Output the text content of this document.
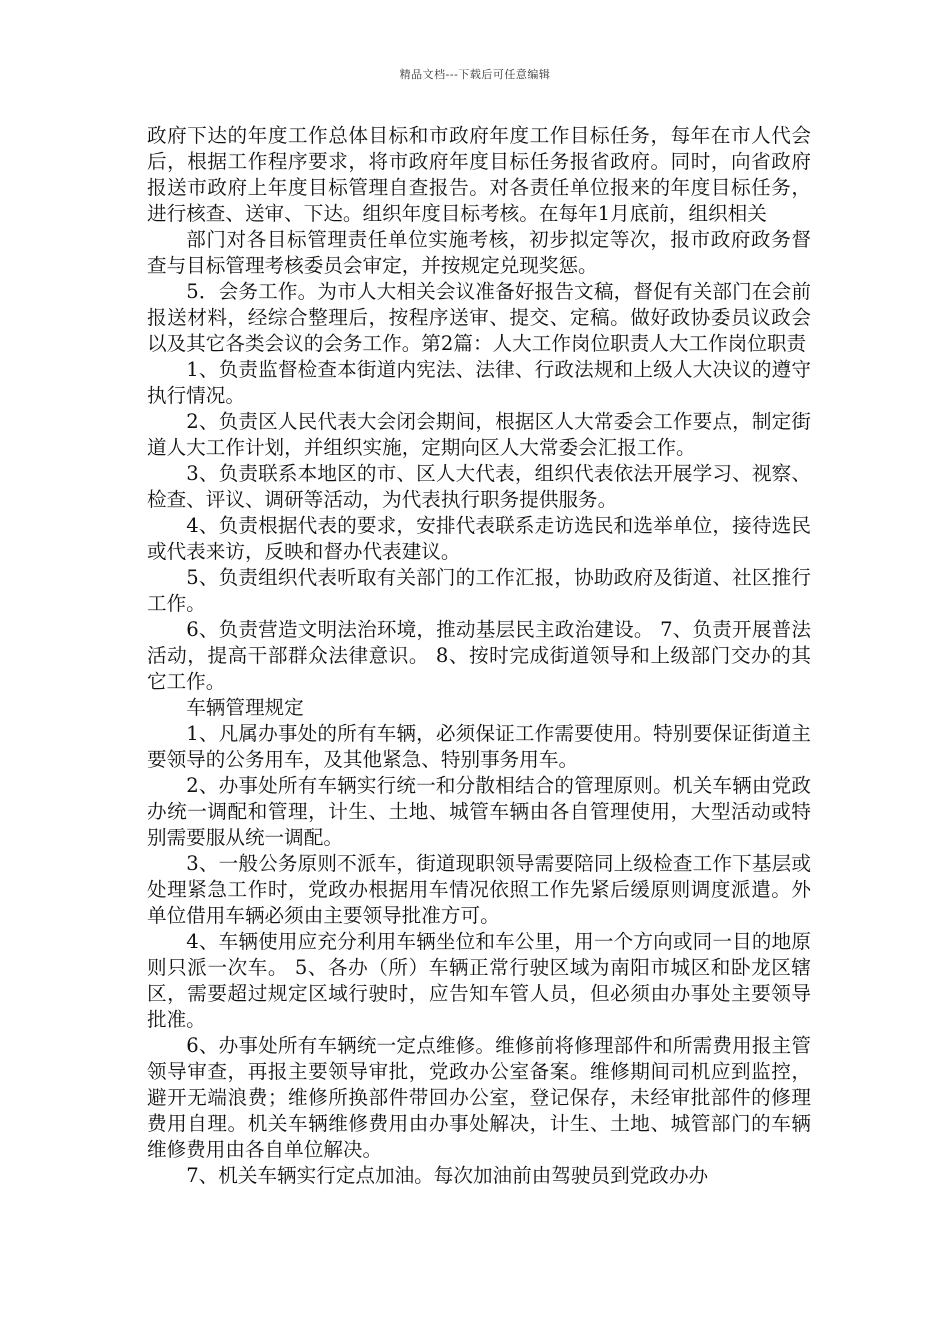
精品文档---下载后可任意编辑

政府下达的年度工作总体目标和市政府年度工作目标任务，每年在市人代会后，根据工作程序要求，将市政府年度目标任务报省政府。同时，向省政府报送市政府上年度目标管理自查报告。对各责任单位报来的年度目标任务，进行核查、送审、下达。组织年度目标考核。在每年1月底前，组织相关

部门对各目标管理责任单位实施考核，初步拟定等次，报市政府政务督查与目标管理考核委员会审定，并按规定兑现奖惩。

5．会务工作。为市人大相关会议准备好报告文稿，督促有关部门在会前报送材料，经综合整理后，按程序送审、提交、定稿。做好政协委员议政会以及其它各类会议的会务工作。第2篇：人大工作岗位职责人大工作岗位职责

1、负责监督检查本街道内宪法、法律、行政法规和上级人大决议的遵守执行情况。

2、负责区人民代表大会闭会期间，根据区人大常委会工作要点，制定街道人大工作计划，并组织实施，定期向区人大常委会汇报工作。

3、负责联系本地区的市、区人大代表，组织代表依法开展学习、视察、检查、评议、调研等活动，为代表执行职务提供服务。

4、负责根据代表的要求，安排代表联系走访选民和选举单位，接待选民或代表来访，反映和督办代表建议。

5、负责组织代表听取有关部门的工作汇报，协助政府及街道、社区推行工作。

6、负责营造文明法治环境，推动基层民主政治建设。 7、负责开展普法活动，提高干部群众法律意识。 8、按时完成街道领导和上级部门交办的其它工作。

车辆管理规定

1、凡属办事处的所有车辆，必须保证工作需要使用。特别要保证街道主要领导的公务用车，及其他紧急、特别事务用车。

2、办事处所有车辆实行统一和分散相结合的管理原则。机关车辆由党政办统一调配和管理，计生、土地、城管车辆由各自管理使用，大型活动或特别需要服从统一调配。

3、一般公务原则不派车，街道现职领导需要陪同上级检查工作下基层或处理紧急工作时，党政办根据用车情况依照工作先紧后缓原则调度派遣。外单位借用车辆必须由主要领导批准方可。

4、车辆使用应充分利用车辆坐位和车公里，用一个方向或同一目的地原则只派一次车。 5、各办（所）车辆正常行驶区域为南阳市城区和卧龙区辖区，需要超过规定区域行驶时，应告知车管人员，但必须由办事处主要领导批准。

6、办事处所有车辆统一定点维修。维修前将修理部件和所需费用报主管领导审查，再报主要领导审批，党政办公室备案。维修期间司机应到监控，避开无端浪费；维修所换部件带回办公室，登记保存，未经审批部件的修理费用自理。机关车辆维修费用由办事处解决，计生、土地、城管部门的车辆维修费用由各自单位解决。

7、机关车辆实行定点加油。每次加油前由驾驶员到党政办办
